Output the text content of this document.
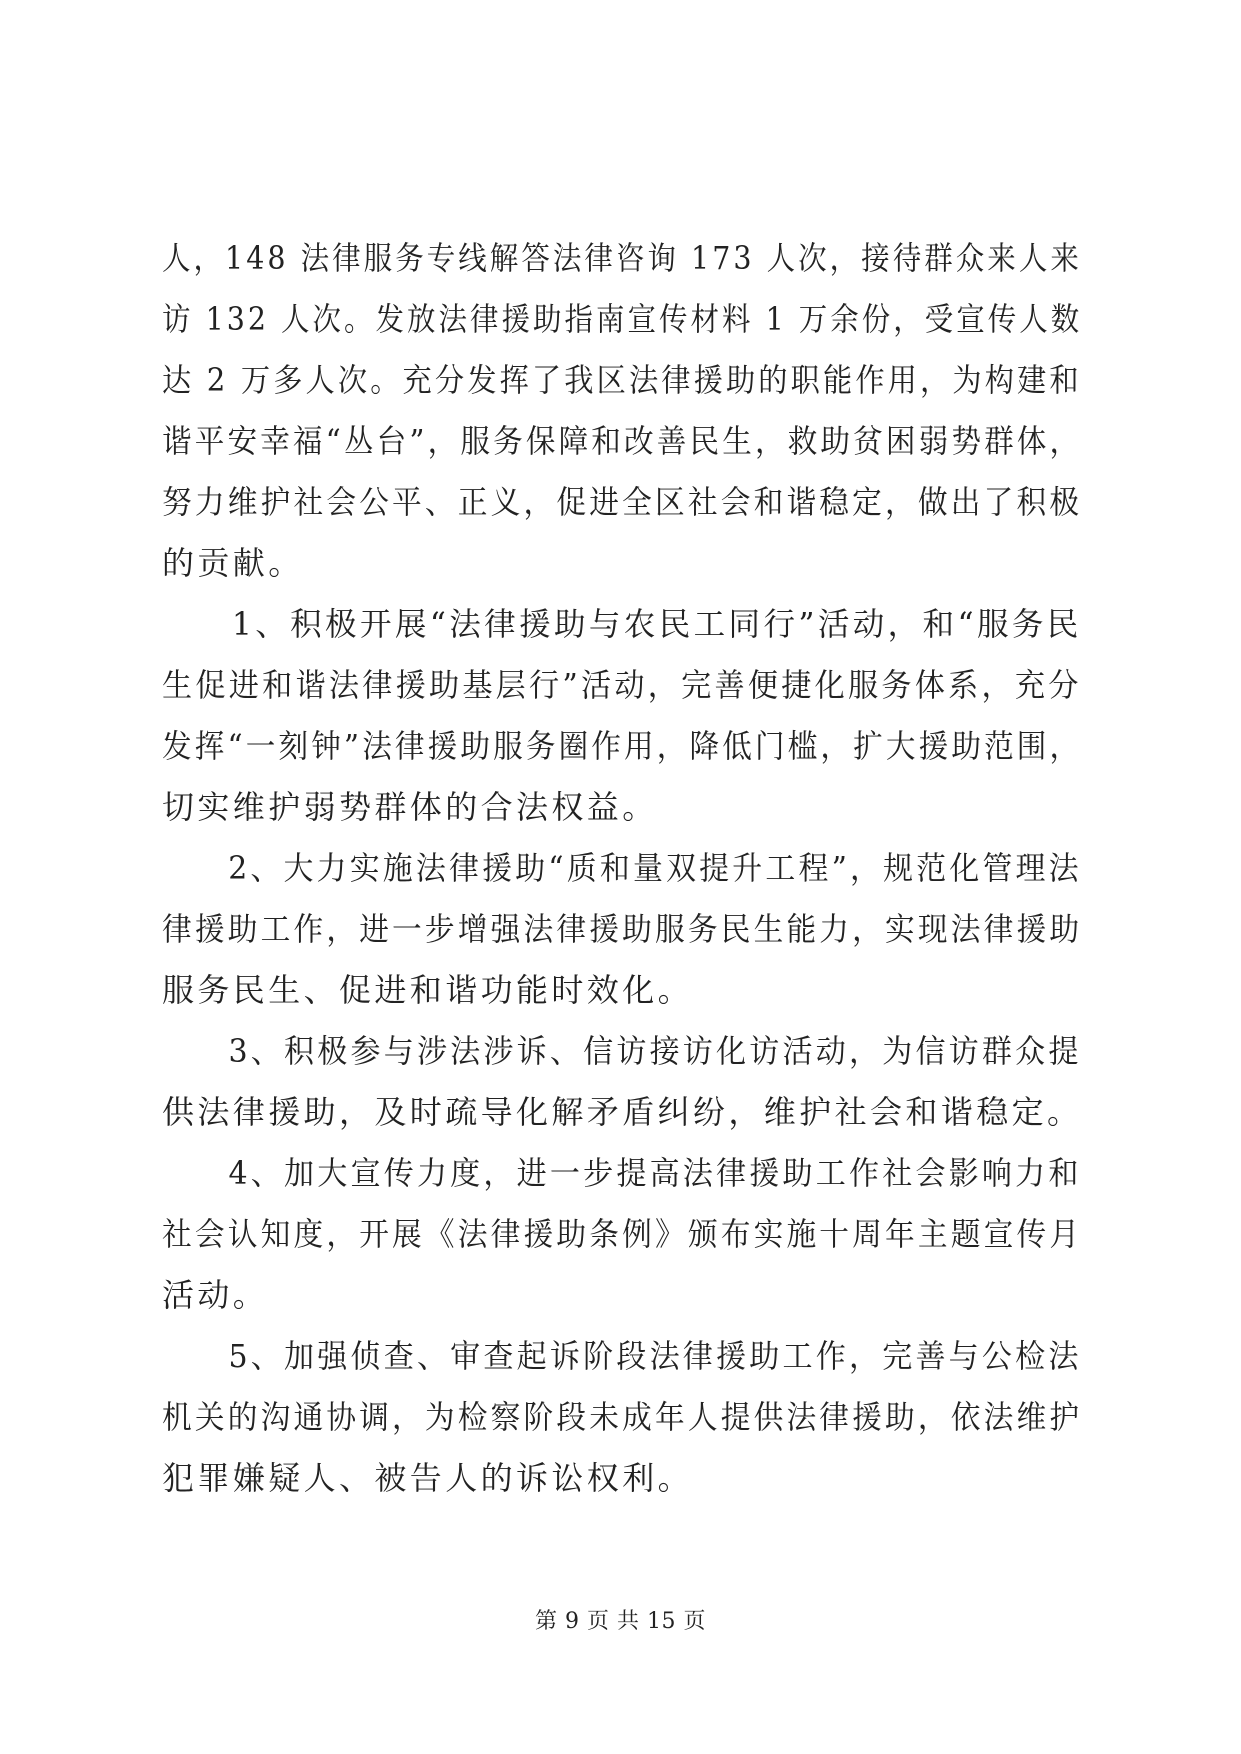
人，148 法律服务专线解答法律咨询 173 人次，接待群众来人来
访 132 人次。发放法律援助指南宣传材料 1 万余份，受宣传人数
达 2 万多人次。充分发挥了我区法律援助的职能作用，为构建和
谐平安幸福“丛台”，服务保障和改善民生，救助贫困弱势群体，
努力维护社会公平、正义，促进全区社会和谐稳定，做出了积极
的贡献。
　　1、积极开展“法律援助与农民工同行”活动，和“服务民
生促进和谐法律援助基层行”活动，完善便捷化服务体系，充分
发挥“一刻钟”法律援助服务圈作用，降低门槛，扩大援助范围，
切实维护弱势群体的合法权益。
　　2、大力实施法律援助“质和量双提升工程”，规范化管理法
律援助工作，进一步增强法律援助服务民生能力，实现法律援助
服务民生、促进和谐功能时效化。
　　3、积极参与涉法涉诉、信访接访化访活动，为信访群众提
供法律援助，及时疏导化解矛盾纠纷，维护社会和谐稳定。
　　4、加大宣传力度，进一步提高法律援助工作社会影响力和
社会认知度，开展《法律援助条例》颁布实施十周年主题宣传月
活动。
　　5、加强侦查、审查起诉阶段法律援助工作，完善与公检法
机关的沟通协调，为检察阶段未成年人提供法律援助，依法维护
犯罪嫌疑人、被告人的诉讼权利。
第 9 页 共 15 页
